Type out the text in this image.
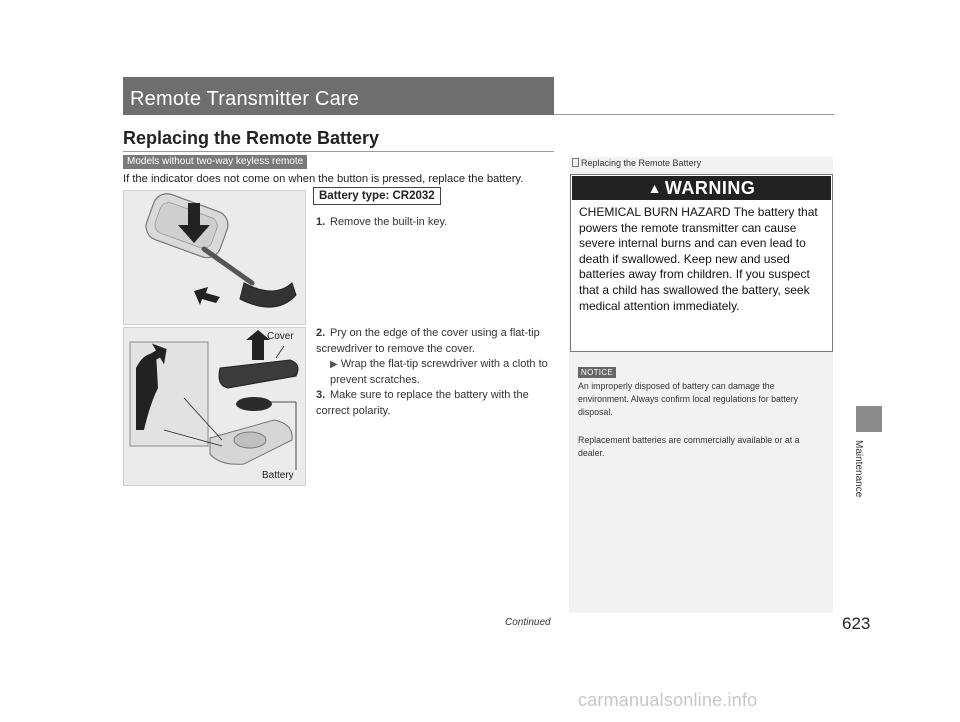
Remote Transmitter Care
Replacing the Remote Battery
Models without two-way keyless remote
If the indicator does not come on when the button is pressed, replace the battery.
Battery type: CR2032
1. Remove the built-in key.
Cover
Battery
2. Pry on the edge of the cover using a flat-tip screwdriver to remove the cover.
▶ Wrap the flat-tip screwdriver with a cloth to prevent scratches.
3. Make sure to replace the battery with the correct polarity.
Replacing the Remote Battery
▲ WARNING
CHEMICAL BURN HAZARD The battery that powers the remote transmitter can cause severe internal burns and can even lead to death if swallowed. Keep new and used batteries away from children. If you suspect that a child has swallowed the battery, seek medical attention immediately.
NOTICE
An improperly disposed of battery can damage the environment. Always confirm local regulations for battery disposal.
Replacement batteries are commercially available or at a dealer.	Maintenance
Continued	623
carmanualsonline.info
